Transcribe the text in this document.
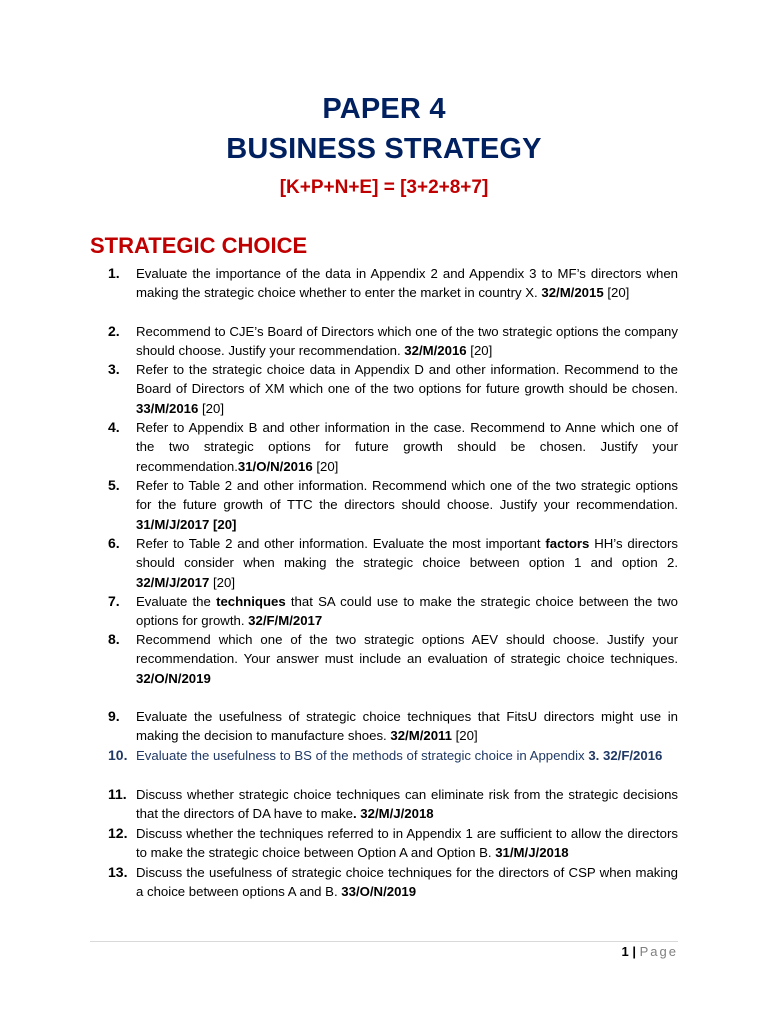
PAPER 4
BUSINESS STRATEGY
[K+P+N+E] = [3+2+8+7]
STRATEGIC CHOICE
1.	Evaluate the importance of the data in Appendix 2 and Appendix 3 to MF’s directors when making the strategic choice whether to enter the market in country X. 32/M/2015 [20]
2.	Recommend to CJE’s Board of Directors which one of the two strategic options the company should choose. Justify your recommendation. 32/M/2016 [20]
3.	Refer to the strategic choice data in Appendix D and other information. Recommend to the Board of Directors of XM which one of the two options for future growth should be chosen. 33/M/2016 [20]
4.	Refer to Appendix B and other information in the case. Recommend to Anne which one of the two strategic options for future growth should be chosen. Justify your recommendation.31/O/N/2016 [20]
5.	Refer to Table 2 and other information. Recommend which one of the two strategic options for the future growth of TTC the directors should choose. Justify your recommendation. 31/M/J/2017 [20]
6.	Refer to Table 2 and other information. Evaluate the most important factors HH’s directors should consider when making the strategic choice between option 1 and option 2. 32/M/J/2017 [20]
7.	Evaluate the techniques that SA could use to make the strategic choice between the two options for growth. 32/F/M/2017
8.	Recommend which one of the two strategic options AEV should choose. Justify your recommendation. Your answer must include an evaluation of strategic choice techniques. 32/O/N/2019
9.	Evaluate the usefulness of strategic choice techniques that FitsU directors might use in making the decision to manufacture shoes. 32/M/2011 [20]
10. Evaluate the usefulness to BS of the methods of strategic choice in Appendix 3. 32/F/2016
11. Discuss whether strategic choice techniques can eliminate risk from the strategic decisions that the directors of DA have to make. 32/M/J/2018
12. Discuss whether the techniques referred to in Appendix 1 are sufficient to allow the directors to make the strategic choice between Option A and Option B. 31/M/J/2018
13. Discuss the usefulness of strategic choice techniques for the directors of CSP when making a choice between options A and B. 33/O/N/2019
1 | Page
